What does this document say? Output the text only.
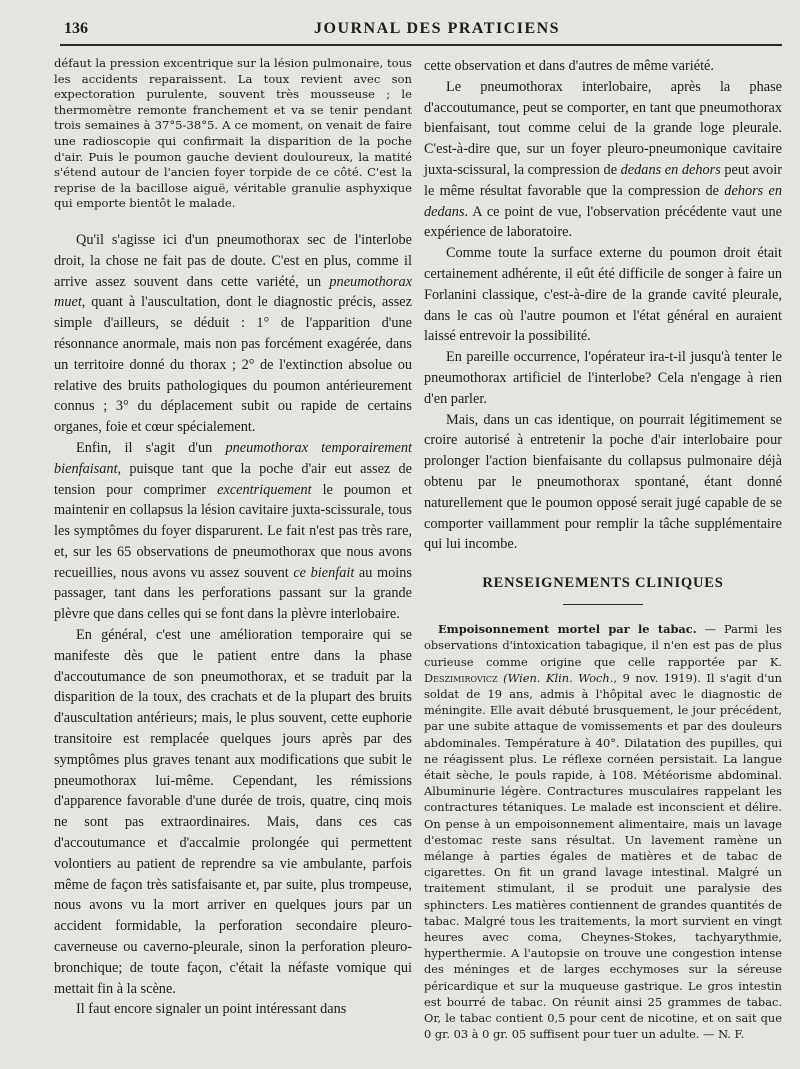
136	JOURNAL DES PRATICIENS

défaut la pression excentrique sur la lésion pulmonaire, tous les accidents reparaissent. La toux revient avec son expectoration purulente, souvent très mousseuse ; le thermomètre remonte franchement et va se tenir pendant trois semaines à 37°5-38°5. A ce moment, on venait de faire une radioscopie qui confirmait la disparition de la poche d'air. Puis le poumon gauche devient douloureux, la matité s'étend autour de l'ancien foyer torpide de ce côté. C'est la reprise de la bacillose aiguë, véritable granulie asphyxique qui emporte bientôt le malade.

Qu'il s'agisse ici d'un pneumothorax sec de l'interlobe droit, la chose ne fait pas de doute. C'est en plus, comme il arrive assez souvent dans cette variété, un pneumothorax muet, quant à l'auscultation, dont le diagnostic précis, assez simple d'ailleurs, se déduit : 1° de l'apparition d'une résonnance anormale, mais non pas forcément exagérée, dans un territoire donné du thorax ; 2° de l'extinction absolue ou relative des bruits pathologiques du poumon antérieurement connus ; 3° du déplacement subit ou rapide de certains organes, foie et cœur spécialement.

Enfin, il s'agit d'un pneumothorax temporairement bienfaisant, puisque tant que la poche d'air eut assez de tension pour comprimer excentriquement le poumon et maintenir en collapsus la lésion cavitaire juxta-scissurale, tous les symptômes du foyer disparurent. Le fait n'est pas très rare, et, sur les 65 observations de pneumothorax que nous avons recueillies, nous avons vu assez souvent ce bienfait au moins passager, tant dans les perforations passant sur la grande plèvre que dans celles qui se font dans la plèvre interlobaire.

En général, c'est une amélioration temporaire qui se manifeste dès que le patient entre dans la phase d'accoutumance de son pneumothorax, et se traduit par la disparition de la toux, des crachats et de la plupart des bruits d'auscultation antérieurs; mais, le plus souvent, cette euphorie transitoire est remplacée quelques jours après par des symptômes plus graves tenant aux modifications que subit le pneumothorax lui-même. Cependant, les rémissions d'apparence favorable d'une durée de trois, quatre, cinq mois ne sont pas extraordinaires. Mais, dans ces cas d'accoutumance et d'accalmie prolongée qui permettent volontiers au patient de reprendre sa vie ambulante, parfois même de façon très satisfaisante et, par suite, plus trompeuse, nous avons vu la mort arriver en quelques jours par un accident formidable, la perforation secondaire pleuro-caverneuse ou caverno-pleurale, sinon la perforation pleuro-bronchique; de toute façon, c'était la néfaste vomique qui mettait fin à la scène.

Il faut encore signaler un point intéressant dans

cette observation et dans d'autres de même variété.

Le pneumothorax interlobaire, après la phase d'accoutumance, peut se comporter, en tant que pneumothorax bienfaisant, tout comme celui de la grande loge pleurale. C'est-à-dire que, sur un foyer pleuro-pneumonique cavitaire juxta-scissural, la compression de dedans en dehors peut avoir le même résultat favorable que la compression de dehors en dedans. A ce point de vue, l'observation précédente vaut une expérience de laboratoire.

Comme toute la surface externe du poumon droit était certainement adhérente, il eût été difficile de songer à faire un Forlanini classique, c'est-à-dire de la grande cavité pleurale, dans le cas où l'autre poumon et l'état général en auraient laissé entrevoir la possibilité.

En pareille occurrence, l'opérateur ira-t-il jusqu'à tenter le pneumothorax artificiel de l'interlobe? Cela n'engage à rien d'en parler.

Mais, dans un cas identique, on pourrait légitimement se croire autorisé à entretenir la poche d'air interlobaire pour prolonger l'action bienfaisante du collapsus pulmonaire déjà obtenu par le pneumothorax spontané, étant donné naturellement que le poumon opposé serait jugé capable de se comporter vaillamment pour remplir la tâche supplémentaire qui lui incombe.

RENSEIGNEMENTS CLINIQUES

Empoisonnement mortel par le tabac. — Parmi les observations d'intoxication tabagique, il n'en est pas de plus curieuse comme origine que celle rapportée par K. Deszimirovicz (Wien. Klin. Woch., 9 nov. 1919). Il s'agit d'un soldat de 19 ans, admis à l'hôpital avec le diagnostic de méningite. Elle avait débuté brusquement, le jour précédent, par une subite attaque de vomissements et par des douleurs abdominales. Température à 40°. Dilatation des pupilles, qui ne réagissent plus. Le réflexe cornéen persistait. La langue était sèche, le pouls rapide, à 108. Météorisme abdominal. Albuminurie légère. Contractures musculaires rappelant les contractures tétaniques. Le malade est inconscient et délire. On pense à un empoisonnement alimentaire, mais un lavage d'estomac reste sans résultat. Un lavement ramène un mélange à parties égales de matières et de tabac de cigarettes. On fit un grand lavage intestinal. Malgré un traitement stimulant, il se produit une paralysie des sphincters. Les matières contiennent de grandes quantités de tabac. Malgré tous les traitements, la mort survient en vingt heures avec coma, Cheynes-Stokes, tachyarythmie, hyperthermie. A l'autopsie on trouve une congestion intense des méninges et de larges ecchymoses sur la séreuse péricardique et sur la muqueuse gastrique. Le gros intestin est bourré de tabac. On réunit ainsi 25 grammes de tabac. Or, le tabac contient 0,5 pour cent de nicotine, et on sait que 0 gr. 03 à 0 gr. 05 suffisent pour tuer un adulte. — N. F.
